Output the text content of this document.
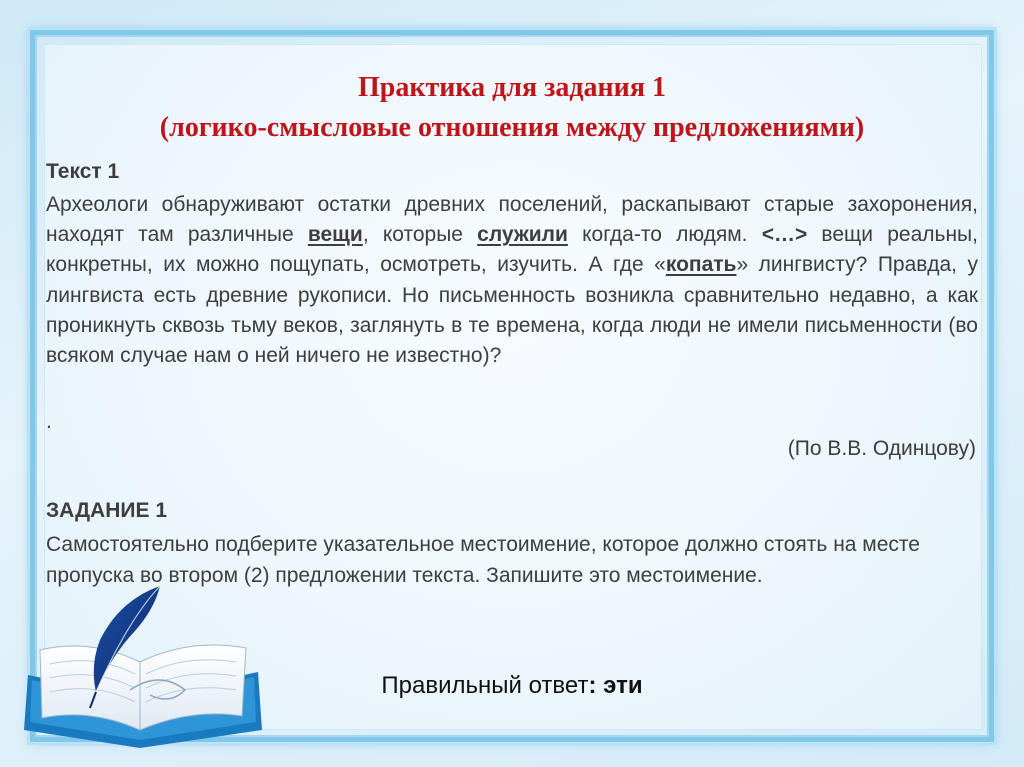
Практика для задания 1
(логико-смысловые отношения между предложениями)
Текст 1
Археологи обнаруживают остатки древних поселений, раскапывают старые захоронения, находят там различные вещи, которые служили когда-то людям. <…> вещи реальны, конкретны, их можно пощупать, осмотреть, изучить. А где «копать» лингвисту? Правда, у лингвиста есть древние рукописи. Но письменность возникла сравнительно недавно, а как проникнуть сквозь тьму веков, заглянуть в те времена, когда люди не имели письменности (во всяком случае нам о ней ничего не известно)?
.
(По В.В. Одинцову)
ЗАДАНИЕ 1
Самостоятельно подберите указательное местоимение, которое должно стоять на месте пропуска во втором (2) предложении текста. Запишите это местоимение.
Правильный ответ: эти
